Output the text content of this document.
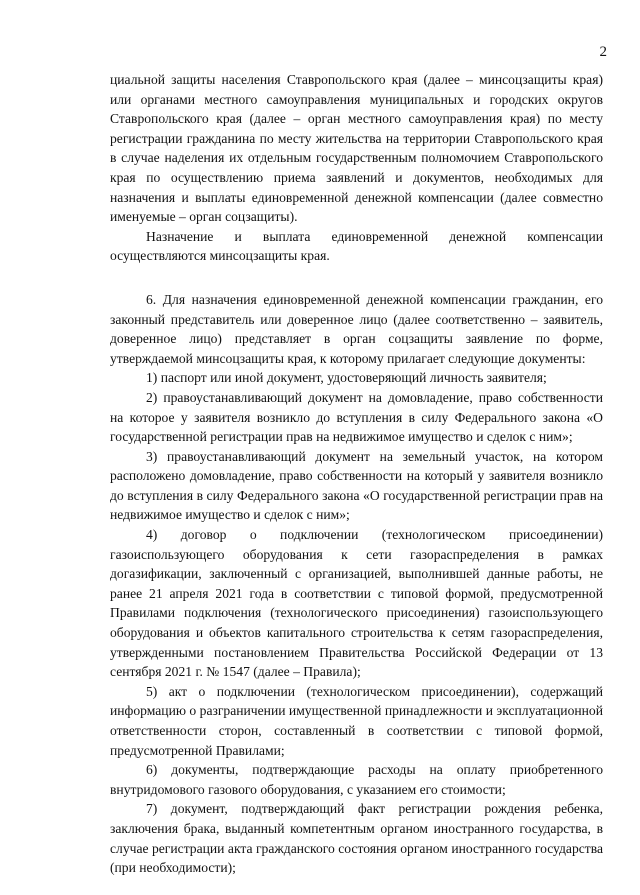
2

циальной защиты населения Ставропольского края (далее – минсоцзащиты края) или органами местного самоуправления муниципальных и городских округов Ставропольского края (далее – орган местного самоуправления края) по месту регистрации гражданина по месту жительства на территории Ставропольского края в случае наделения их отдельным государственным полномочием Ставропольского края по осуществлению приема заявлений и документов, необходимых для назначения и выплаты единовременной денежной компенсации (далее совместно именуемые – орган соцзащиты).

Назначение и выплата единовременной денежной компенсации осуществляются минсоцзащиты края.

6. Для назначения единовременной денежной компенсации гражданин, его законный представитель или доверенное лицо (далее соответственно – заявитель, доверенное лицо) представляет в орган соцзащиты заявление по форме, утверждаемой минсоцзащиты края, к которому прилагает следующие документы:

1) паспорт или иной документ, удостоверяющий личность заявителя;

2) правоустанавливающий документ на домовладение, право собственности на которое у заявителя возникло до вступления в силу Федерального закона «О государственной регистрации прав на недвижимое имущество и сделок с ним»;

3) правоустанавливающий документ на земельный участок, на котором расположено домовладение, право собственности на который у заявителя возникло до вступления в силу Федерального закона «О государственной регистрации прав на недвижимое имущество и сделок с ним»;

4) договор о подключении (технологическом присоединении) газоиспользующего оборудования к сети газораспределения в рамках догазификации, заключенный с организацией, выполнившей данные работы, не ранее 21 апреля 2021 года в соответствии с типовой формой, предусмотренной Правилами подключения (технологического присоединения) газоиспользующего оборудования и объектов капитального строительства к сетям газораспределения, утвержденными постановлением Правительства Российской Федерации от 13 сентября 2021 г. № 1547 (далее – Правила);

5) акт о подключении (технологическом присоединении), содержащий информацию о разграничении имущественной принадлежности и эксплуатационной ответственности сторон, составленный в соответствии с типовой формой, предусмотренной Правилами;

6) документы, подтверждающие расходы на оплату приобретенного внутридомового газового оборудования, с указанием его стоимости;

7) документ, подтверждающий факт регистрации рождения ребенка, заключения брака, выданный компетентным органом иностранного государства, в случае регистрации акта гражданского состояния органом иностранного государства (при необходимости);
